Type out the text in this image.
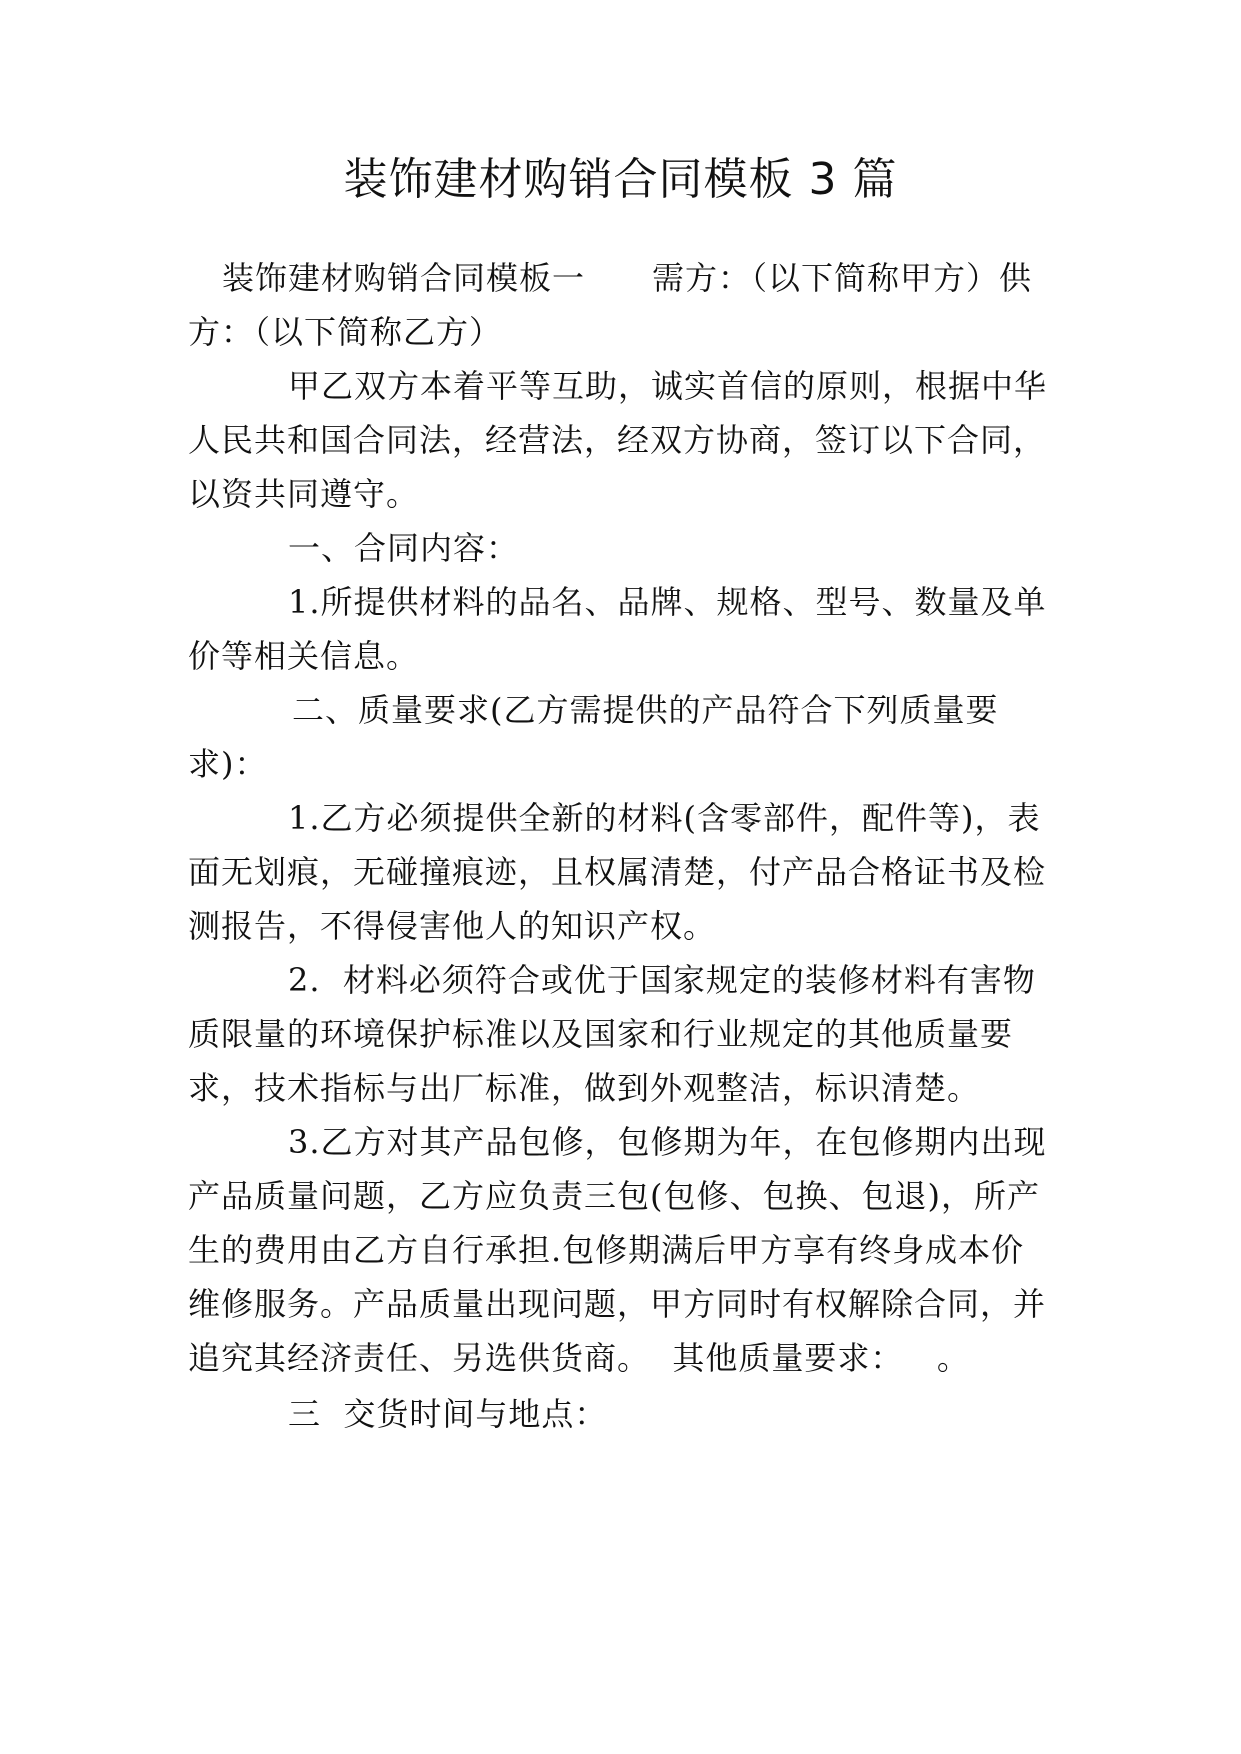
装饰建材购销合同模板 3 篇
装饰建材购销合同模板一      需方：（以下简称甲方）供
方：（以下简称乙方）
甲乙双方本着平等互助，诚实首信的原则，根据中华
人民共和国合同法，经营法，经双方协商，签订以下合同，
以资共同遵守。
一、合同内容：
1.所提供材料的品名、品牌、规格、型号、数量及单
价等相关信息。
二、质量要求(乙方需提供的产品符合下列质量要
求)：
1.乙方必须提供全新的材料(含零部件，配件等)，表
面无划痕，无碰撞痕迹，且权属清楚，付产品合格证书及检
测报告，不得侵害他人的知识产权。
2.  材料必须符合或优于国家规定的装修材料有害物
质限量的环境保护标准以及国家和行业规定的其他质量要
求，技术指标与出厂标准，做到外观整洁，标识清楚。
3.乙方对其产品包修，包修期为年，在包修期内出现
产品质量问题，乙方应负责三包(包修、包换、包退)，所产
生的费用由乙方自行承担.包修期满后甲方享有终身成本价
维修服务。产品质量出现问题，甲方同时有权解除合同，并
追究其经济责任、另选供货商。  其他质量要求：   。
三  交货时间与地点：
